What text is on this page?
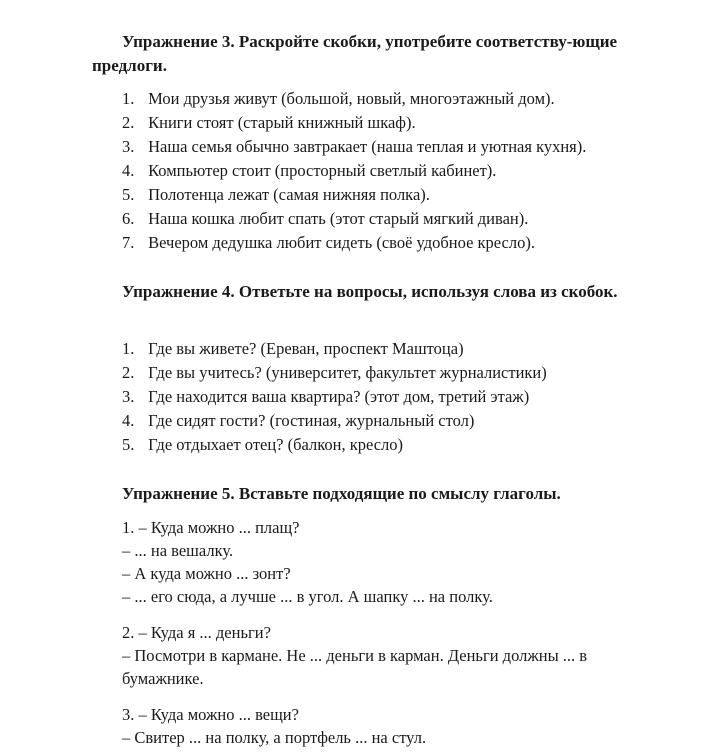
Упражнение 3. Раскройте скобки, употребите соответству-ющие предлоги.

1. Мои друзья живут (большой, новый, многоэтажный дом).
2. Книги стоят (старый книжный шкаф).
3. Наша семья обычно завтракает (наша теплая и уютная кухня).
4. Компьютер стоит (просторный светлый кабинет).
5. Полотенца лежат (самая нижняя полка).
6. Наша кошка любит спать (этот старый мягкий диван).
7. Вечером дедушка любит сидеть (своё удобное кресло).

Упражнение 4. Ответьте на вопросы, используя слова из скобок.

1. Где вы живете? (Ереван, проспект Маштоца)
2. Где вы учитесь? (университет, факультет журналистики)
3. Где находится ваша квартира? (этот дом, третий этаж)
4. Где сидят гости? (гостиная, журнальный стол)
5. Где отдыхает отец? (балкон, кресло)

Упражнение 5. Вставьте подходящие по смыслу глаголы.

1. – Куда можно ... плащ?

– ... на вешалку.

– А куда можно ... зонт?

– ... его сюда, а лучше ... в угол. А шапку ... на полку.

2. – Куда я ... деньги?

– Посмотри в кармане. Не ... деньги в карман. Деньги должны ... в бумажнике.

3. – Куда можно ... вещи?

– Свитер ... на полку, а портфель ... на стул.
